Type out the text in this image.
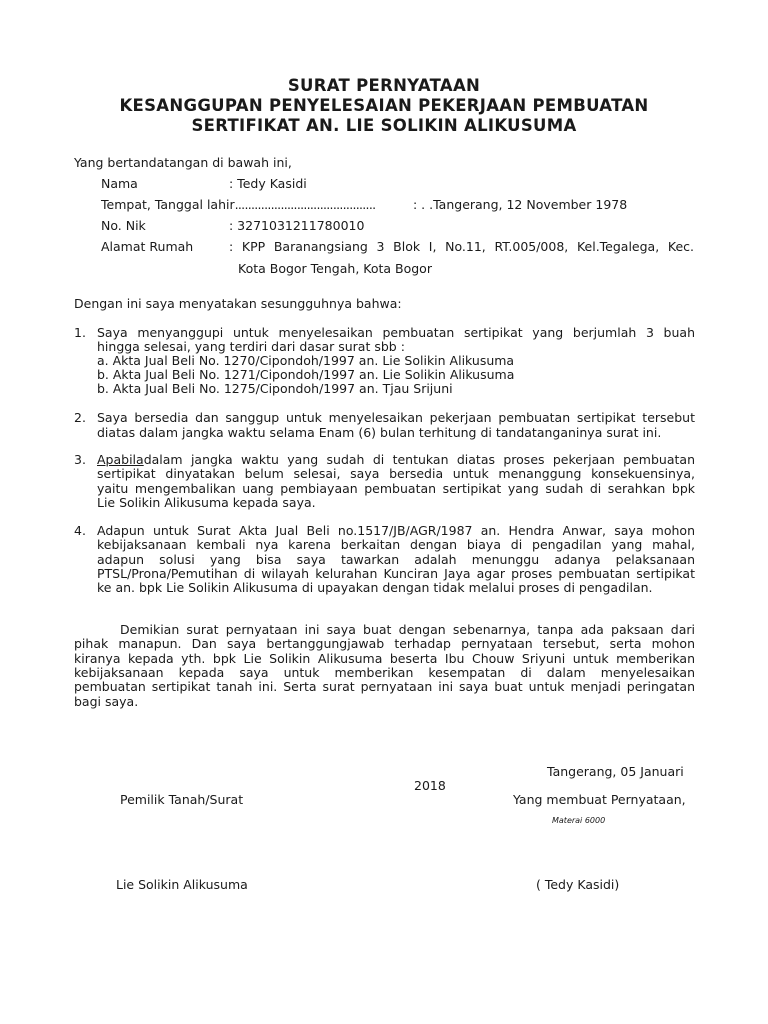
SURAT PERNYATAAN
KESANGGUPAN PENYELESAIAN PEKERJAAN PEMBUATAN
SERTIFIKAT AN. LIE SOLIKIN ALIKUSUMA
Yang bertandatangan di bawah ini,
Nama	: Tedy Kasidi
Tempat, Tanggal lahir...........................................	: . .Tangerang, 12 November 1978
No. Nik	: 3271031211780010
Alamat Rumah	: KPP Baranangsiang 3 Blok I, No.11, RT.005/008, Kel.Tegalega, Kec.
Kota Bogor Tengah, Kota Bogor
Dengan ini saya menyatakan sesungguhnya bahwa:
1. Saya menyanggupi untuk menyelesaikan pembuatan sertipikat yang berjumlah 3 buah
hingga selesai, yang terdiri dari dasar surat sbb :
a. Akta Jual Beli No. 1270/Cipondoh/1997 an. Lie Solikin Alikusuma
b. Akta Jual Beli No. 1271/Cipondoh/1997 an. Lie Solikin Alikusuma
b. Akta Jual Beli No. 1275/Cipondoh/1997 an. Tjau Srijuni
2. Saya bersedia dan sanggup untuk menyelesaikan pekerjaan pembuatan sertipikat tersebut
diatas dalam jangka waktu selama Enam (6) bulan terhitung di tandatanganinya surat ini.
3. Apabila dalam jangka waktu yang sudah di tentukan diatas proses pekerjaan pembuatan
sertipikat dinyatakan belum selesai, saya bersedia untuk menanggung konsekuensinya,
yaitu mengembalikan uang pembiayaan pembuatan sertipikat yang sudah di serahkan bpk
Lie Solikin Alikusuma kepada saya.
4. Adapun untuk Surat Akta Jual Beli no.1517/JB/AGR/1987 an. Hendra Anwar, saya mohon
kebijaksanaan kembali nya karena berkaitan dengan biaya di pengadilan yang mahal,
adapun solusi yang bisa saya tawarkan adalah menunggu adanya pelaksanaan
PTSL/Prona/Pemutihan di wilayah kelurahan Kunciran Jaya agar proses pembuatan sertipikat
ke an. bpk Lie Solikin Alikusuma di upayakan dengan tidak melalui proses di pengadilan.
Demikian surat pernyataan ini saya buat dengan sebenarnya, tanpa ada paksaan dari
pihak manapun. Dan saya bertanggungjawab terhadap pernyataan tersebut, serta mohon
kiranya kepada yth. bpk Lie Solikin Alikusuma beserta Ibu Chouw Sriyuni untuk memberikan
kebijaksanaan kepada saya untuk memberikan kesempatan di dalam menyelesaikan
pembuatan sertipikat tanah ini. Serta surat pernyataan ini saya buat untuk menjadi peringatan
bagi saya.
Tangerang, 05 Januari
2018
Pemilik Tanah/Surat	Yang membuat Pernyataan,
Materai 6000
Lie Solikin Alikusuma	( Tedy Kasidi)
